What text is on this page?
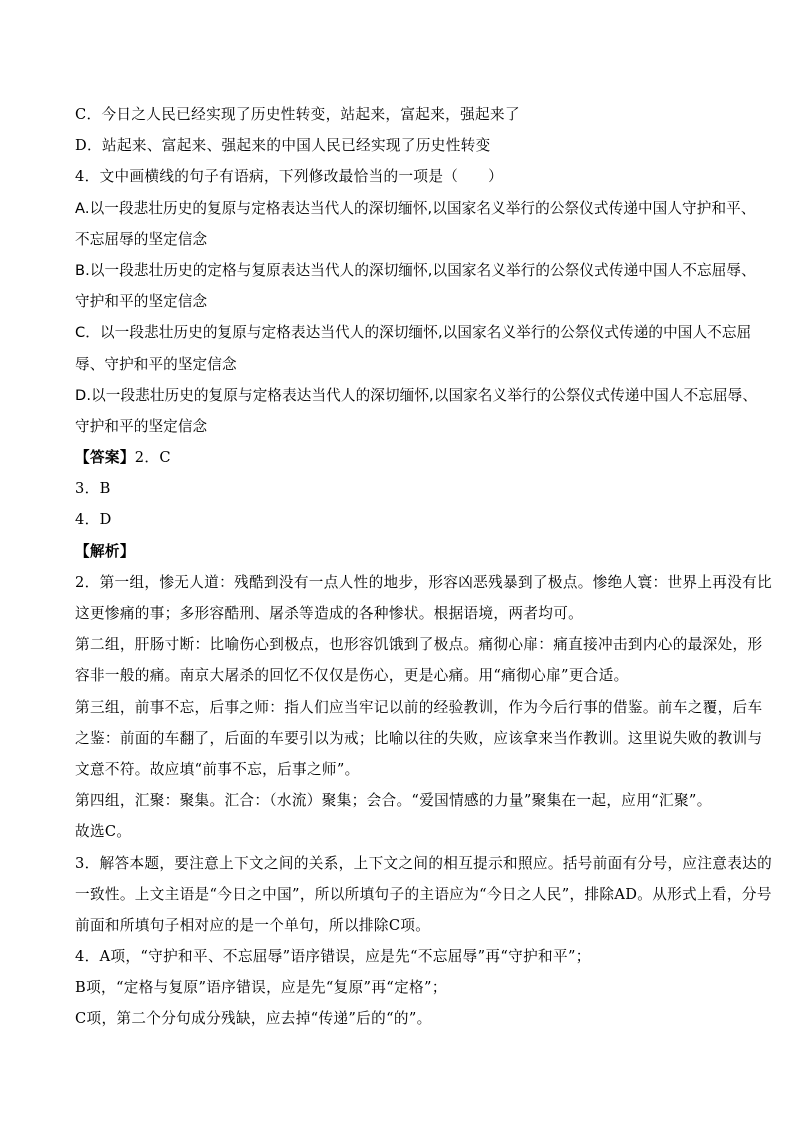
C．今日之人民已经实现了历史性转变，站起来，富起来，强起来了
D．站起来、富起来、强起来的中国人民已经实现了历史性转变
4．文中画横线的句子有语病，下列修改最恰当的一项是（　　）
A.以一段悲壮历史的复原与定格表达当代人的深切缅怀,以国家名义举行的公祭仪式传递中国人守护和平、
不忘屈辱的坚定信念
B.以一段悲壮历史的定格与复原表达当代人的深切缅怀,以国家名义举行的公祭仪式传递中国人不忘屈辱、
守护和平的坚定信念
C．以一段悲壮历史的复原与定格表达当代人的深切缅怀,以国家名义举行的公祭仪式传递的中国人不忘屈
辱、守护和平的坚定信念
D.以一段悲壮历史的复原与定格表达当代人的深切缅怀,以国家名义举行的公祭仪式传递中国人不忘屈辱、
守护和平的坚定信念
【答案】2．C
3．B
4．D
【解析】
2．第一组，惨无人道：残酷到没有一点人性的地步，形容凶恶残暴到了极点。惨绝人寰：世界上再没有比
这更惨痛的事；多形容酷刑、屠杀等造成的各种惨状。根据语境，两者均可。
第二组，肝肠寸断：比喻伤心到极点，也形容饥饿到了极点。痛彻心扉：痛直接冲击到内心的最深处，形
容非一般的痛。南京大屠杀的回忆不仅仅是伤心，更是心痛。用“痛彻心扉”更合适。
第三组，前事不忘，后事之师：指人们应当牢记以前的经验教训，作为今后行事的借鉴。前车之覆，后车
之鉴：前面的车翻了，后面的车要引以为戒；比喻以往的失败，应该拿来当作教训。这里说失败的教训与
文意不符。故应填“前事不忘，后事之师”。
第四组，汇聚：聚集。汇合：（水流）聚集；会合。“爱国情感的力量”聚集在一起，应用“汇聚”。
故选C。
3．解答本题，要注意上下文之间的关系，上下文之间的相互提示和照应。括号前面有分号，应注意表达的
一致性。上文主语是“今日之中国”，所以所填句子的主语应为“今日之人民”，排除AD。从形式上看，分号
前面和所填句子相对应的是一个单句，所以排除C项。
4．A项，“守护和平、不忘屈辱”语序错误，应是先“不忘屈辱”再“守护和平”；
B项，“定格与复原”语序错误，应是先“复原”再“定格”；
C项，第二个分句成分残缺，应去掉“传递”后的“的”。
